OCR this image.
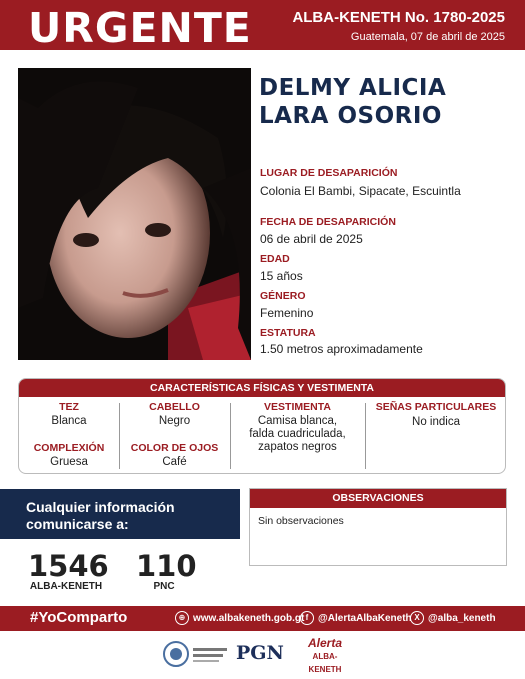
URGENTE	ALBA-KENETH No. 1780-2025
Guatemala, 07 de abril de 2025
DELMY ALICIA
LARA OSORIO
LUGAR DE DESAPARICIÓN
Colonia El Bambi, Sipacate, Escuintla
FECHA DE DESAPARICIÓN
06 de abril de 2025
EDAD
15 años
GÉNERO
Femenino
ESTATURA
1.50 metros aproximadamente
CARACTERÍSTICAS FÍSICAS Y VESTIMENTA
TEZ
Blanca
COMPLEXIÓN
Gruesa
CABELLO
Negro
COLOR DE OJOS
Café
VESTIMENTA
Camisa blanca,
falda cuadriculada,
zapatos negros
SEÑAS PARTICULARES
No indica
Cualquier información
comunicarse a:
1546
ALBA-KENETH
110
PNC
OBSERVACIONES
Sin observaciones
#YoComparto	⊕ www.albakeneth.gob.gt f @AlertaAlbaKeneth X @alba_keneth
PGN	Alerta
ALBA-KENETH
